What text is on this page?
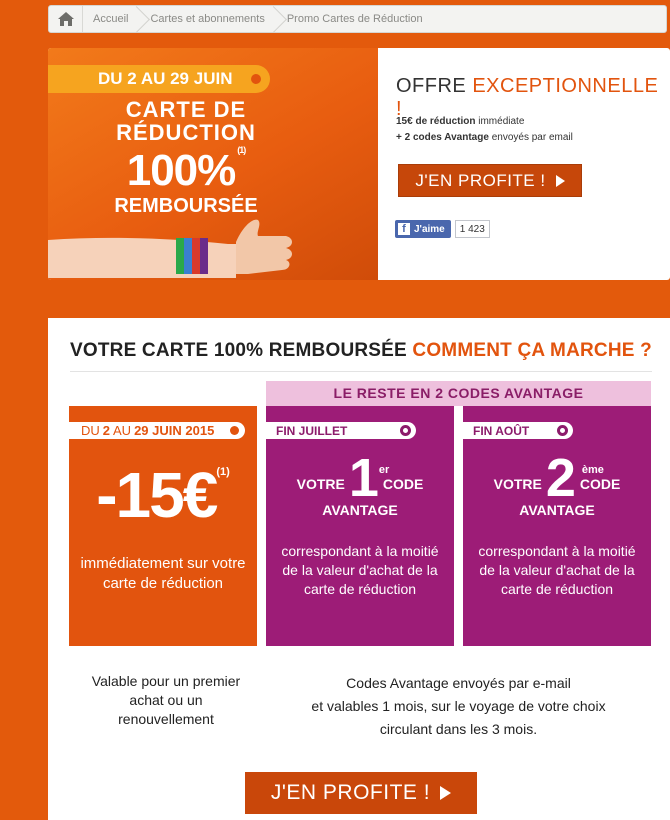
Accueil	Cartes et abonnements	Promo Cartes de Réduction
DU 2 AU 29 JUIN
CARTE DE
RÉDUCTION
100% $^{(1)}$
REMBOURSÉE
OFFRE EXCEPTIONNELLE !
15€ de réduction immédiate
+ 2 codes Avantage envoyés par email
J'EN PROFITE !
f J'aime	1 423
VOTRE CARTE 100% REMBOURSÉE COMMENT ÇA MARCHE ?
LE RESTE EN 2 CODES AVANTAGE
DU 2 AU 29 JUIN 2015
-15€$^{(1)}$
immédiatement sur votre carte de réduction
FIN JUILLET
VOTRE 1 er
CODE
AVANTAGE
correspondant à la moitié de la valeur d'achat de la carte de réduction
FIN AOÛT
VOTRE 2 ème
CODE
AVANTAGE
correspondant à la moitié de la valeur d'achat de la carte de réduction
Valable pour un premier achat ou un renouvellement
Codes Avantage envoyés par e-mail
et valables 1 mois, sur le voyage de votre choix
circulant dans les 3 mois.
J'EN PROFITE !
